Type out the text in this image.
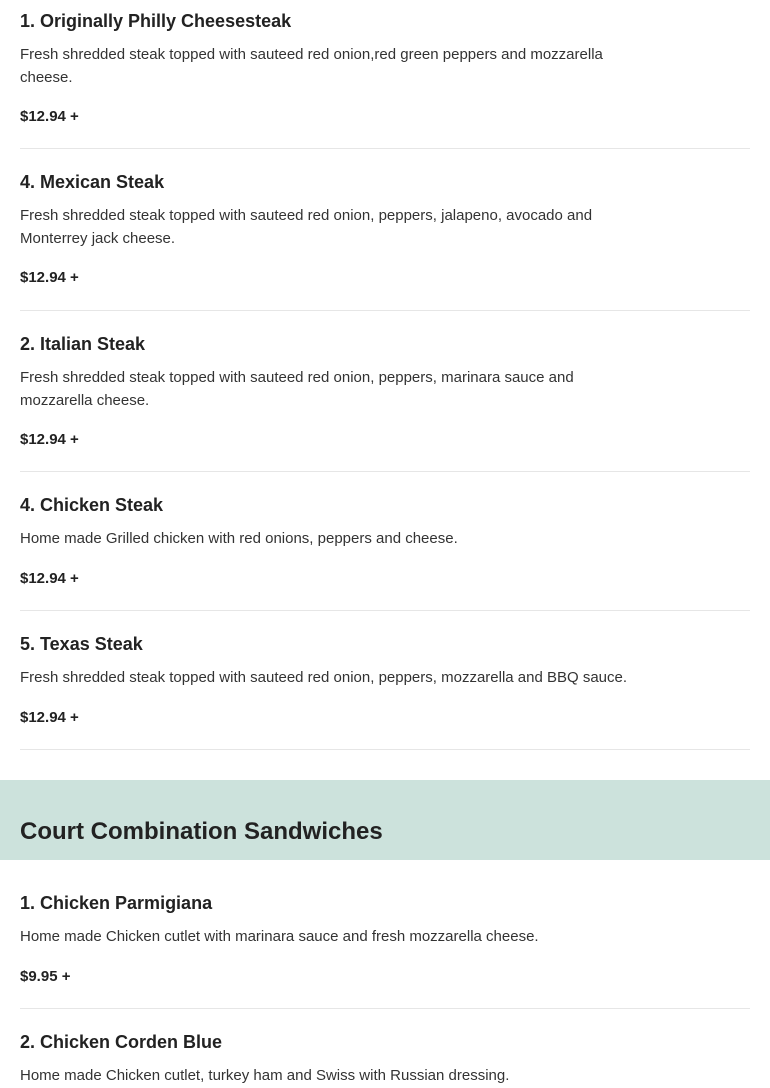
1. Originally Philly Cheesesteak
Fresh shredded steak topped with sauteed red onion,red green peppers and mozzarella
cheese.
$12.94 +
4. Mexican Steak
Fresh shredded steak topped with sauteed red onion, peppers, jalapeno, avocado and
Monterrey jack cheese.
$12.94 +
2. Italian Steak
Fresh shredded steak topped with sauteed red onion, peppers, marinara sauce and
mozzarella cheese.
$12.94 +
4. Chicken Steak
Home made Grilled chicken with red onions, peppers and cheese.
$12.94 +
5. Texas Steak
Fresh shredded steak topped with sauteed red onion, peppers, mozzarella and BBQ sauce.
$12.94 +
Court Combination Sandwiches
1. Chicken Parmigiana
Home made Chicken cutlet with marinara sauce and fresh mozzarella cheese.
$9.95 +
2. Chicken Corden Blue
Home made Chicken cutlet, turkey ham and Swiss with Russian dressing.
